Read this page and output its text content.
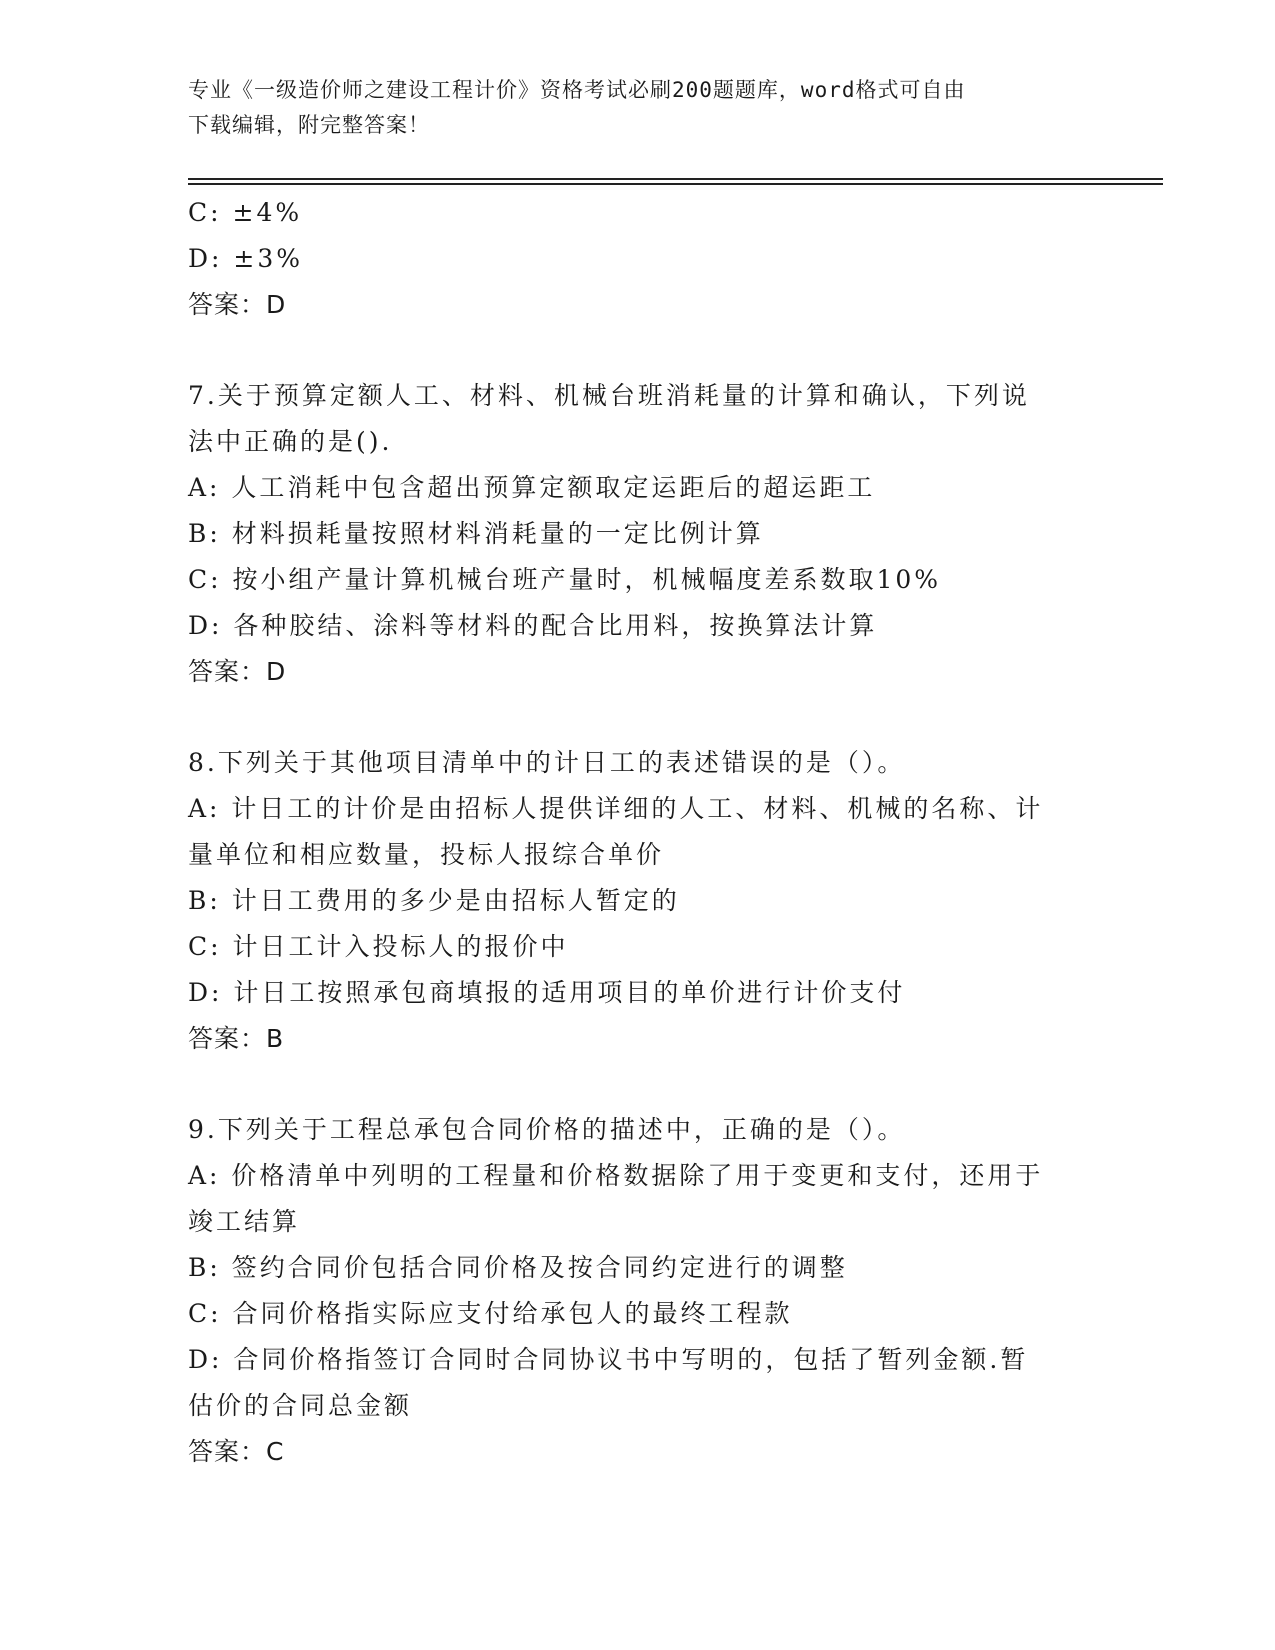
专业《一级造价师之建设工程计价》资格考试必刷200题题库，word格式可自由
下载编辑，附完整答案！
C: ±4%
D: ±3%
答案：D
7.关于预算定额人工、材料、机械台班消耗量的计算和确认，下列说
法中正确的是().
A: 人工消耗中包含超出预算定额取定运距后的超运距工
B: 材料损耗量按照材料消耗量的一定比例计算
C: 按小组产量计算机械台班产量时，机械幅度差系数取10%
D: 各种胶结、涂料等材料的配合比用料，按换算法计算
答案：D
8.下列关于其他项目清单中的计日工的表述错误的是（）。
A: 计日工的计价是由招标人提供详细的人工、材料、机械的名称、计
量单位和相应数量，投标人报综合单价
B: 计日工费用的多少是由招标人暂定的
C: 计日工计入投标人的报价中
D: 计日工按照承包商填报的适用项目的单价进行计价支付
答案：B
9.下列关于工程总承包合同价格的描述中，正确的是（）。
A: 价格清单中列明的工程量和价格数据除了用于变更和支付，还用于
竣工结算
B: 签约合同价包括合同价格及按合同约定进行的调整
C: 合同价格指实际应支付给承包人的最终工程款
D: 合同价格指签订合同时合同协议书中写明的，包括了暂列金额.暂
估价的合同总金额
答案：C
